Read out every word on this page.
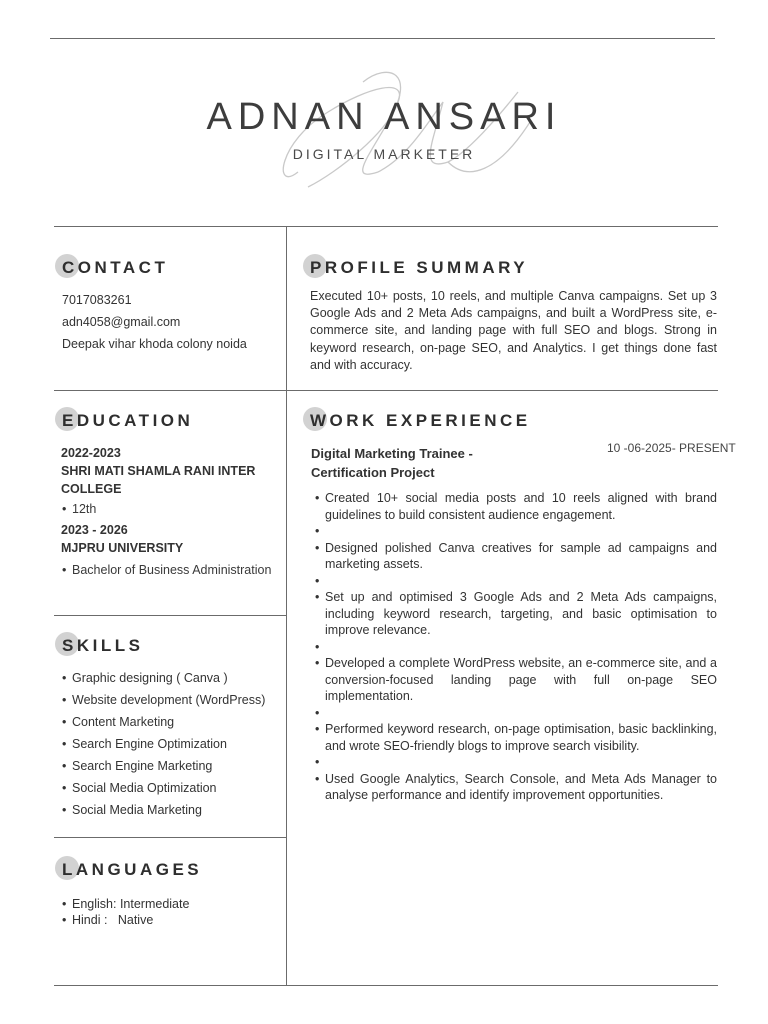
ADNAN ANSARI
DIGITAL MARKETER
CONTACT
7017083261
adn4058@gmail.com
Deepak vihar khoda colony noida
PROFILE SUMMARY
Executed 10+ posts, 10 reels, and multiple Canva campaigns. Set up 3 Google Ads and 2 Meta Ads campaigns, and built a WordPress site, e-commerce site, and landing page with full SEO and blogs. Strong in keyword research, on-page SEO, and Analytics. I get things done fast and with accuracy.
EDUCATION
2022-2023
SHRI MATI SHAMLA RANI INTER
COLLEGE
• 12th
2023 - 2026
MJPRU UNIVERSITY
• Bachelor of Business Administration
SKILLS
• Graphic designing ( Canva )
• Website development (WordPress)
• Content Marketing
• Search Engine Optimization
• Search Engine Marketing
• Social Media Optimization
• Social Media Marketing
LANGUAGES
• English: Intermediate
• Hindi :   Native
WORK EXPERIENCE
Digital Marketing Trainee - Certification Project
10 -06-2025- PRESENT
• Created 10+ social media posts and 10 reels aligned with brand guidelines to build consistent audience engagement.
•
• Designed polished Canva creatives for sample ad campaigns and marketing assets.
•
• Set up and optimised 3 Google Ads and 2 Meta Ads campaigns, including keyword research, targeting, and basic optimisation to improve relevance.
•
• Developed a complete WordPress website, an e-commerce site, and a conversion-focused landing page with full on-page SEO implementation.
•
• Performed keyword research, on-page optimisation, basic backlinking, and wrote SEO-friendly blogs to improve search visibility.
•
• Used Google Analytics, Search Console, and Meta Ads Manager to analyse performance and identify improvement opportunities.
